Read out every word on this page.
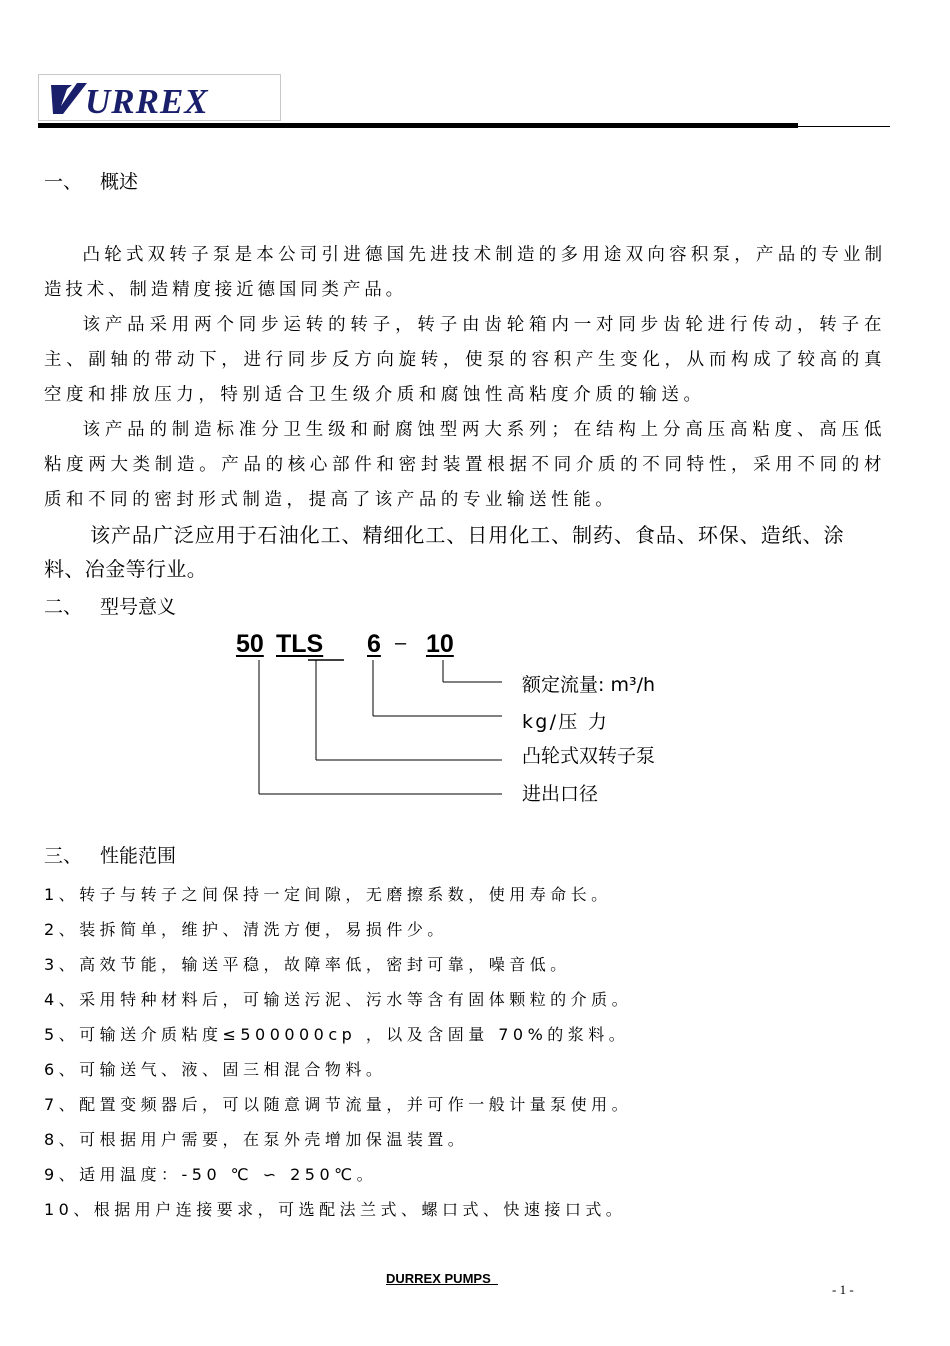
URREX
一、 概述
凸轮式双转子泵是本公司引进德国先进技术制造的多用途双向容积泵，产品的专业制造技术、制造精度接近德国同类产品。
该产品采用两个同步运转的转子，转子由齿轮箱内一对同步齿轮进行传动，转子在主、副轴的带动下，进行同步反方向旋转，使泵的容积产生变化，从而构成了较高的真空度和排放压力，特别适合卫生级介质和腐蚀性高粘度介质的输送。
该产品的制造标准分卫生级和耐腐蚀型两大系列；在结构上分高压高粘度、高压低粘度两大类制造。产品的核心部件和密封装置根据不同介质的不同特性，采用不同的材质和不同的密封形式制造，提高了该产品的专业输送性能。
该产品广泛应用于石油化工、精细化工、日用化工、制药、食品、环保、造纸、涂料、冶金等行业。
二、 型号意义
50 TLS 6 – 10
额定流量: m³/h
kg/压 力
凸轮式双转子泵
进出口径
三、 性能范围
1、转子与转子之间保持一定间隙，无磨擦系数，使用寿命长。
2、装拆简单，维护、清洗方便，易损件少。
3、高效节能，输送平稳，故障率低，密封可靠，噪音低。
4、采用特种材料后，可输送污泥、污水等含有固体颗粒的介质。
5、可输送介质粘度≤500000cp ，以及含固量 70%的浆料。
6、可输送气、液、固三相混合物料。
7、配置变频器后，可以随意调节流量，并可作一般计量泵使用。
8、可根据用户需要，在泵外壳增加保温装置。
9、适用温度：-50 ℃ ∽ 250℃。
10、根据用户连接要求，可选配法兰式、螺口式、快速接口式。
DURREX PUMPS
- 1 -
